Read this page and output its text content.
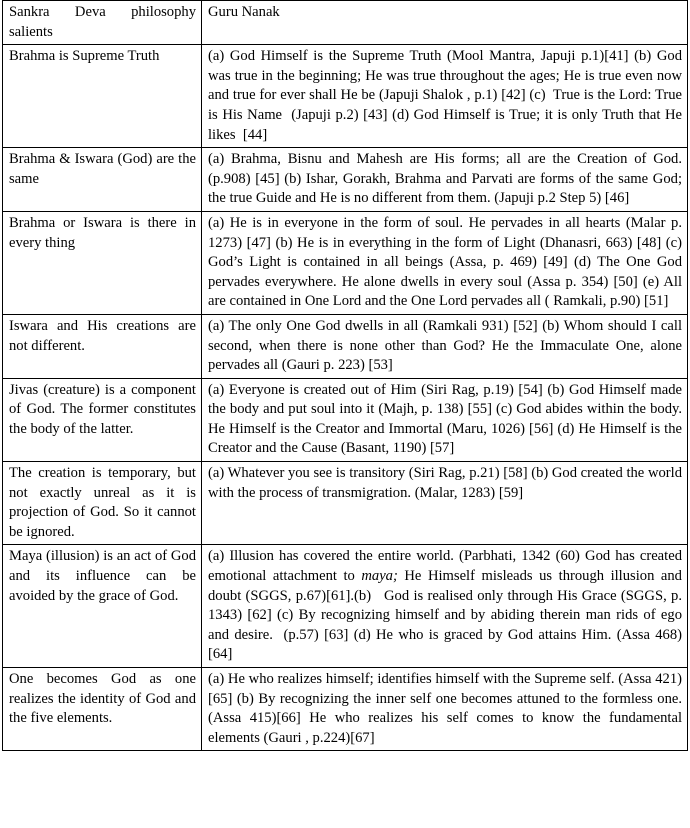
Sankra Deva philosophy salients	Guru Nanak
Brahma is Supreme Truth	(a) God Himself is the Supreme Truth (Mool Mantra, Japuji p.1)[41] (b) God was true in the beginning; He was true throughout the ages; He is true even now and true for ever shall He be (Japuji Shalok , p.1) [42] (c)  True is the Lord: True is His Name  (Japuji p.2) [43] (d) God Himself is True; it is only Truth that He likes  [44]
Brahma & Iswara (God) are the same	(a) Brahma, Bisnu and Mahesh are His forms; all are the Creation of God. (p.908) [45] (b) Ishar, Gorakh, Brahma and Parvati are forms of the same God; the true Guide and He is no different from them. (Japuji p.2 Step 5) [46]
Brahma or Iswara is there in every thing	(a) He is in everyone in the form of soul. He pervades in all hearts (Malar p. 1273) [47] (b) He is in everything in the form of Light (Dhanasri, 663) [48] (c) God’s Light is contained in all beings (Assa, p. 469) [49] (d) The One God pervades everywhere. He alone dwells in every soul (Assa p. 354) [50] (e) All are contained in One Lord and the One Lord pervades all ( Ramkali, p.90) [51]
Iswara and His creations are not different.	(a) The only One God dwells in all (Ramkali 931) [52] (b) Whom should I call second, when there is none other than God? He the Immaculate One, alone pervades all (Gauri p. 223) [53]
Jivas (creature) is a component of God. The former constitutes the body of the latter.	(a) Everyone is created out of Him (Siri Rag, p.19) [54] (b) God Himself made the body and put soul into it (Majh, p. 138) [55] (c) God abides within the body. He Himself is the Creator and Immortal (Maru, 1026) [56] (d) He Himself is the Creator and the Cause (Basant, 1190) [57]
The creation is temporary, but not exactly unreal as it is projection of God. So it cannot be ignored.	(a) Whatever you see is transitory (Siri Rag, p.21) [58] (b) God created the world with the process of transmigration. (Malar, 1283) [59]
Maya (illusion) is an act of God and its influence can be avoided by the grace of God.	(a) Illusion has covered the entire world. (Parbhati, 1342 (60) God has created emotional attachment to maya; He Himself misleads us through illusion and doubt (SGGS, p.67)[61].(b)   God is realised only through His Grace (SGGS, p. 1343) [62] (c) By recognizing himself and by abiding therein man rids of ego and desire.  (p.57) [63] (d) He who is graced by God attains Him. (Assa 468) [64]
One becomes God as one realizes the identity of God and the five elements.	(a) He who realizes himself; identifies himself with the Supreme self. (Assa 421) [65] (b) By recognizing the inner self one becomes attuned to the formless one. (Assa 415)[66] He who realizes his self comes to know the fundamental elements (Gauri , p.224)[67]
